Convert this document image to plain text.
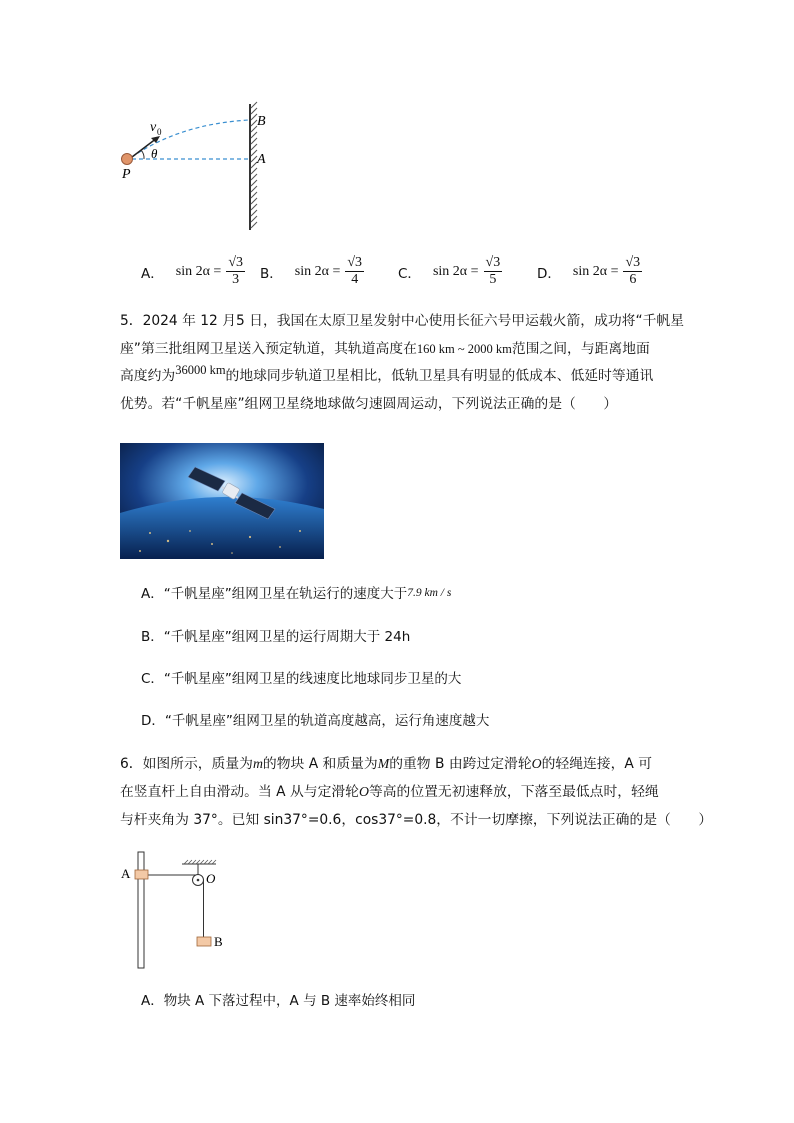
v 0
θ
P
A
B
A． $\sin 2\alpha = \frac{√3}{3}$ B． $\sin 2\alpha = \frac{√3}{4}$	C． $\sin 2\alpha = \frac{√3}{5}$	D． $\sin 2\alpha = \frac{√3}{6}$
5．2024 年 12 月5 日，我国在太原卫星发射中心使用长征六号甲运载火箭，成功将“千帆星
座”第三批组网卫星送入预定轨道，其轨道高度在160 km ~ 2000 km范围之间，与距离地面
高度约为36000 km的地球同步轨道卫星相比，低轨卫星具有明显的低成本、低延时等通讯
优势。若“千帆星座”组网卫星绕地球做匀速圆周运动，下列说法正确的是（　　）
A．“千帆星座”组网卫星在轨运行的速度大于7.9 km / s
B．“千帆星座”组网卫星的运行周期大于 24h
C．“千帆星座”组网卫星的线速度比地球同步卫星的大
D．“千帆星座”组网卫星的轨道高度越高，运行角速度越大
6．如图所示，质量为m的物块 A 和质量为M的重物 B 由跨过定滑轮O的轻绳连接，A 可
在竖直杆上自由滑动。当 A 从与定滑轮O等高的位置无初速释放，下落至最低点时，轻绳
与杆夹角为 37°。已知 sin37°=0.6，cos37°=0.8，不计一切摩擦，下列说法正确的是（　　）
A	O
B
A．物块 A 下落过程中，A 与 B 速率始终相同
